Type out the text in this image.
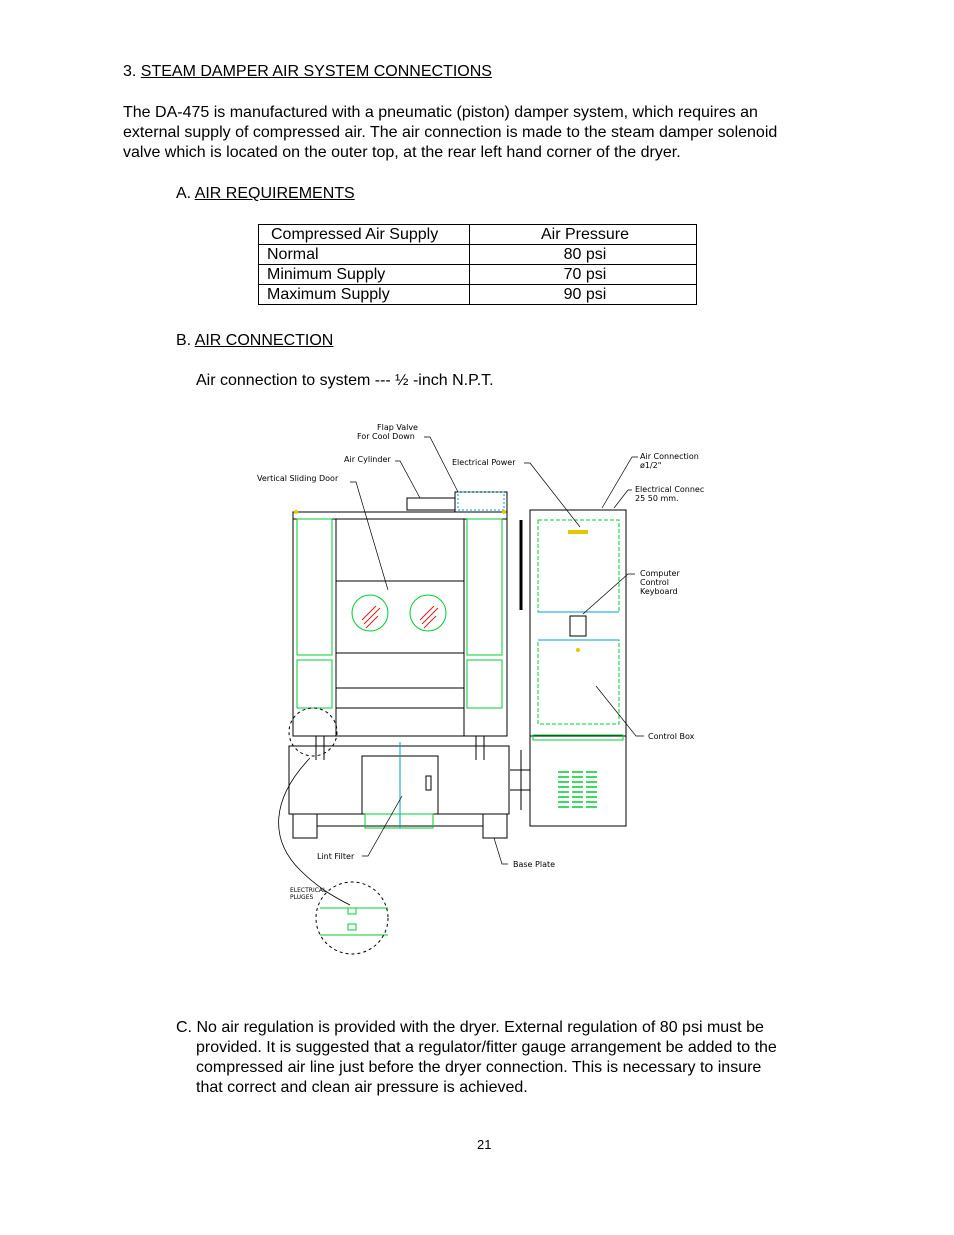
3. STEAM DAMPER AIR SYSTEM CONNECTIONS
The DA-475 is manufactured with a pneumatic (piston) damper system, which requires an
external supply of compressed air. The air connection is made to the steam damper solenoid
valve which is located on the outer top, at the rear left hand corner of the dryer.
A. AIR REQUIREMENTS
Compressed Air Supply	Air Pressure
Normal	80 psi
Minimum Supply	70 psi
Maximum Supply	90 psi
B. AIR CONNECTION
Air connection to system --- ½ -inch N.P.T.
Flap Valve
For Cool Down
Air Cylinder	Electrical Power
Vertical Sliding Door
Air Connection
ø1/2"
Electrical Connec
25 50 mm.
Computer
Control
Keyboard
Control Box
Lint Filter
Base Plate
ELECTRICAL
PLUGES
C. No air regulation is provided with the dryer. External regulation of 80 psi must be
provided. It is suggested that a regulator/fitter gauge arrangement be added to the
compressed air line just before the dryer connection. This is necessary to insure
that correct and clean air pressure is achieved.
21
